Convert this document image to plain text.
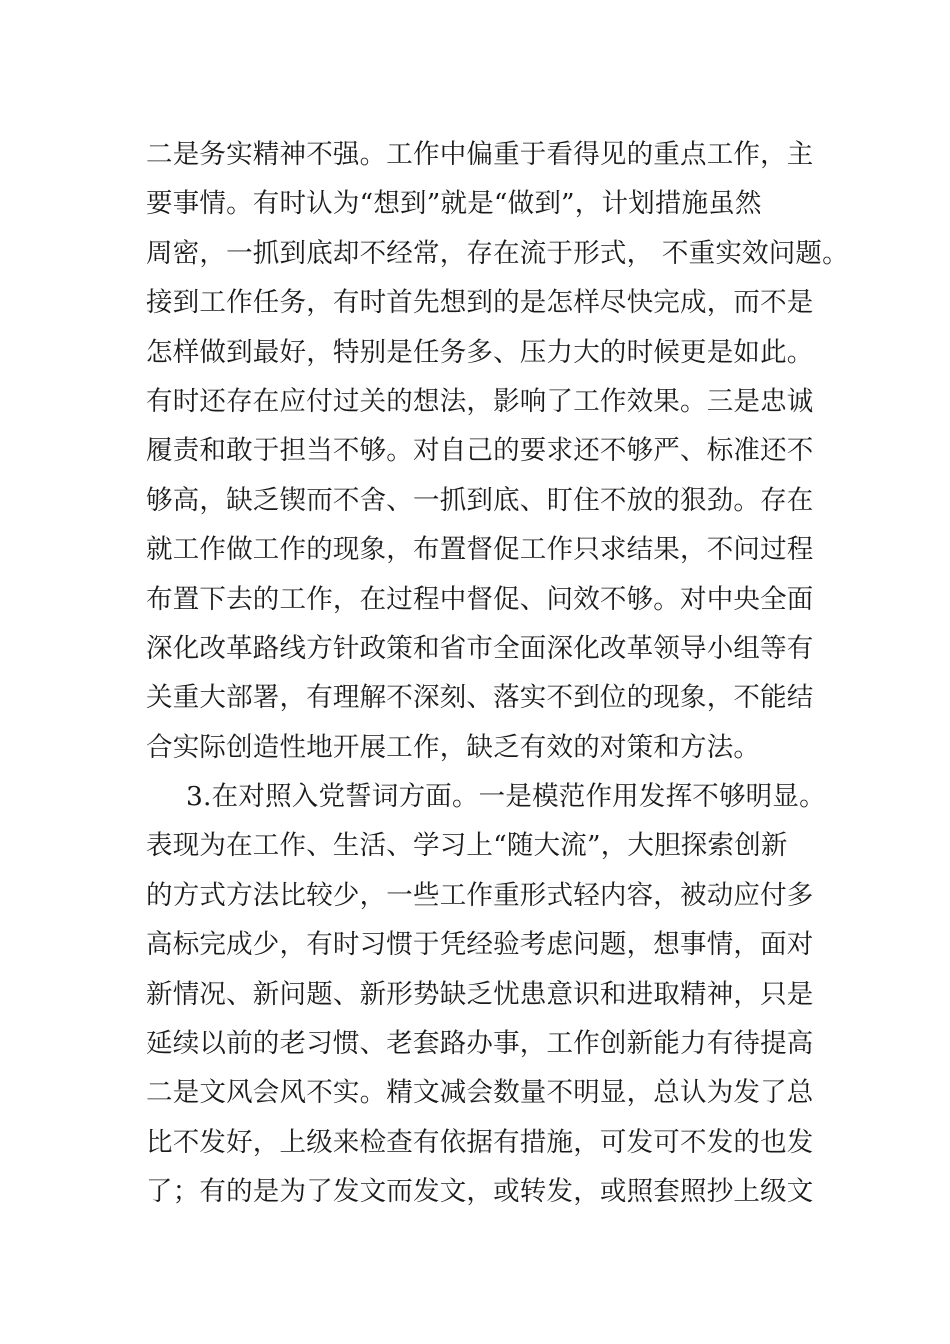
二是务实精神不强。工作中偏重于看得见的重点工作，主
要事情。有时认为“想到”就是“做到”，计划措施虽然
周密，一抓到底却不经常，存在流于形式， 不重实效问题。
接到工作任务，有时首先想到的是怎样尽快完成，而不是
怎样做到最好，特别是任务多、压力大的时候更是如此。
有时还存在应付过关的想法，影响了工作效果。三是忠诚
履责和敢于担当不够。对自己的要求还不够严、标准还不
够高，缺乏锲而不舍、一抓到底、盯住不放的狠劲。存在
就工作做工作的现象，布置督促工作只求结果，不问过程
布置下去的工作，在过程中督促、问效不够。对中央全面
深化改革路线方针政策和省市全面深化改革领导小组等有
关重大部署，有理解不深刻、落实不到位的现象，不能结
合实际创造性地开展工作，缺乏有效的对策和方法。
3.在对照入党誓词方面。一是模范作用发挥不够明显。
表现为在工作、生活、学习上“随大流”，大胆探索创新
的方式方法比较少，一些工作重形式轻内容，被动应付多
高标完成少，有时习惯于凭经验考虑问题，想事情，面对
新情况、新问题、新形势缺乏忧患意识和进取精神，只是
延续以前的老习惯、老套路办事，工作创新能力有待提高
二是文风会风不实。精文减会数量不明显，总认为发了总
比不发好，上级来检查有依据有措施，可发可不发的也发
了；有的是为了发文而发文，或转发，或照套照抄上级文
